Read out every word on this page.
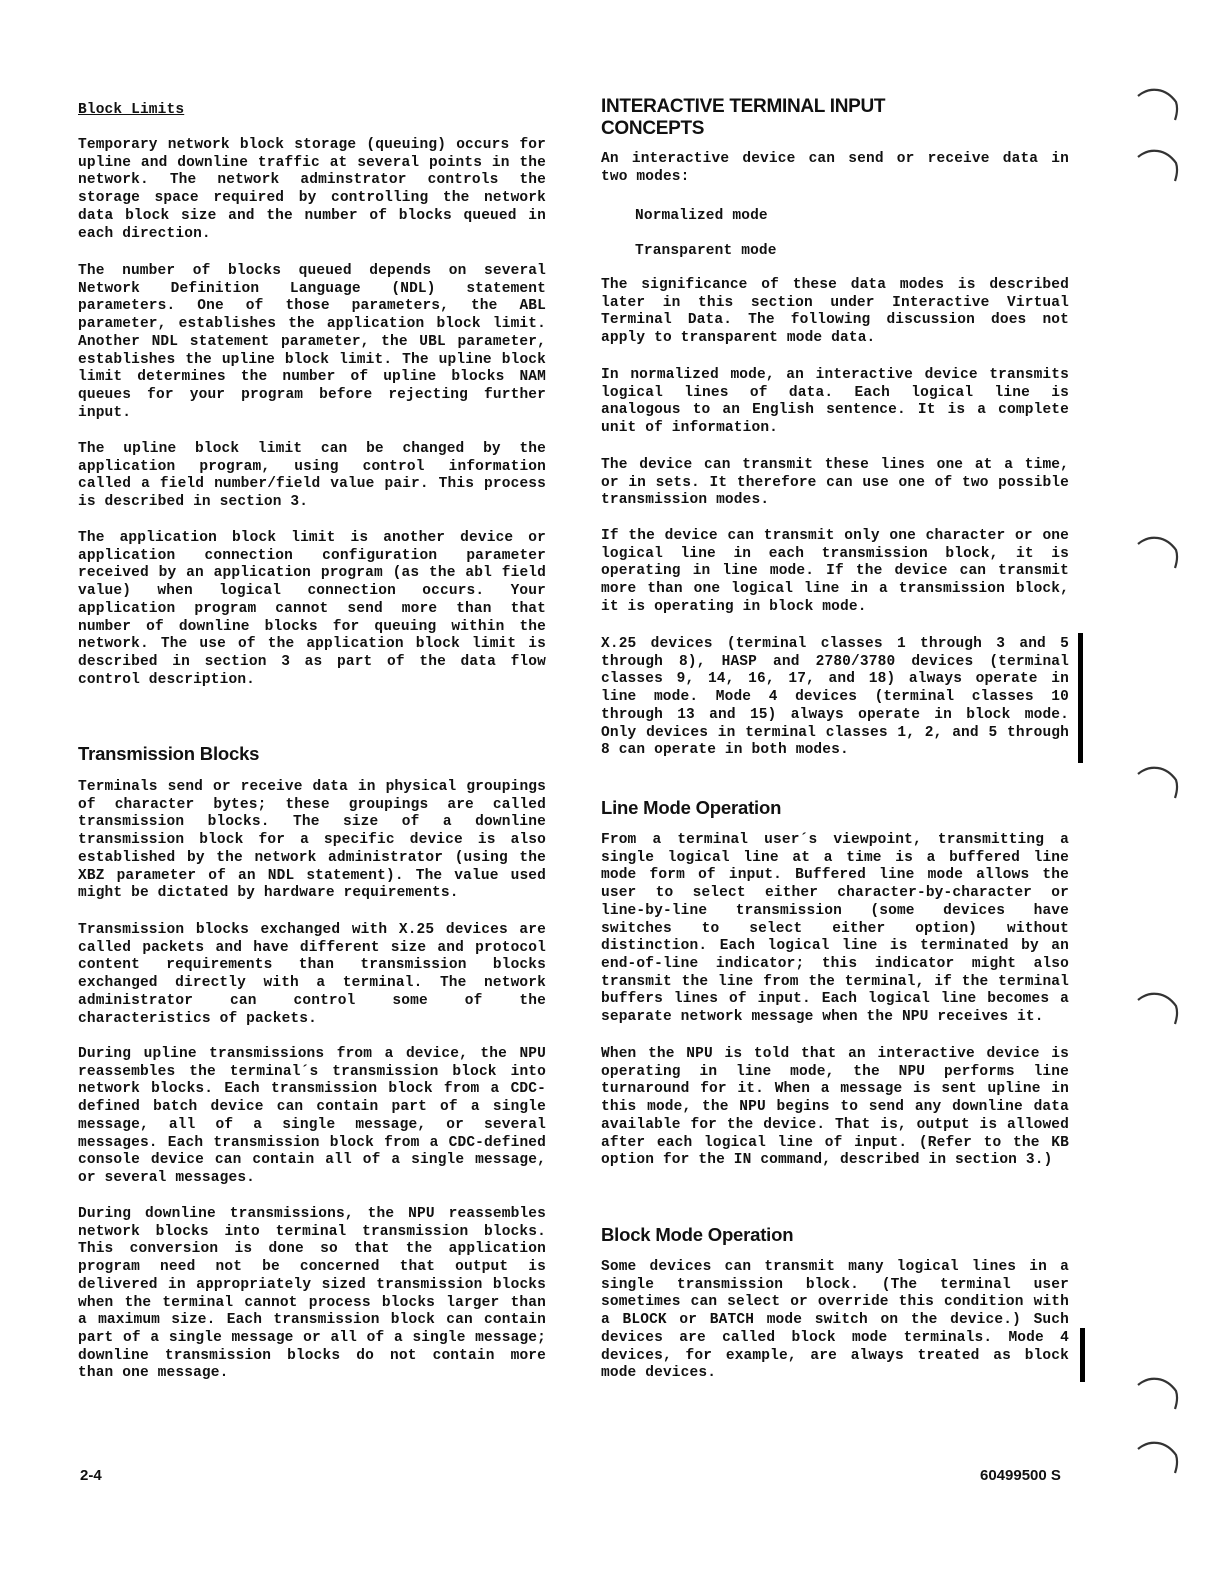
Block Limits

Temporary network block storage (queuing) occurs for upline and downline traffic at several points in the network. The network adminstrator controls the storage space required by controlling the network data block size and the number of blocks queued in each direction.

The number of blocks queued depends on several Network Definition Language (NDL) statement parameters. One of those parameters, the ABL parameter, establishes the application block limit. Another NDL statement parameter, the UBL parameter, establishes the upline block limit. The upline block limit determines the number of upline blocks NAM queues for your program before rejecting further input.

The upline block limit can be changed by the application program, using control information called a field number/field value pair. This process is described in section 3.

The application block limit is another device or application connection configuration parameter received by an application program (as the abl field value) when logical connection occurs. Your application program cannot send more than that number of downline blocks for queuing within the network. The use of the application block limit is described in section 3 as part of the data flow control description.

Transmission Blocks

Terminals send or receive data in physical groupings of character bytes; these groupings are called transmission blocks. The size of a downline transmission block for a specific device is also established by the network administrator (using the XBZ parameter of an NDL statement). The value used might be dictated by hardware requirements.

Transmission blocks exchanged with X.25 devices are called packets and have different size and protocol content requirements than transmission blocks exchanged directly with a terminal. The network administrator can control some of the characteristics of packets.

During upline transmissions from a device, the NPU reassembles the terminal´s transmission block into network blocks. Each transmission block from a CDC-defined batch device can contain part of a single message, all of a single message, or several messages. Each transmission block from a CDC-defined console device can contain all of a single message, or several messages.

During downline transmissions, the NPU reassembles network blocks into terminal transmission blocks. This conversion is done so that the application program need not be concerned that output is delivered in appropriately sized transmission blocks when the terminal cannot process blocks larger than a maximum size. Each transmission block can contain part of a single message or all of a single message; downline transmission blocks do not contain more than one message.

INTERACTIVE TERMINAL INPUT
CONCEPTS

An interactive device can send or receive data in two modes:

Normalized mode

Transparent mode

The significance of these data modes is described later in this section under Interactive Virtual Terminal Data. The following discussion does not apply to transparent mode data.

In normalized mode, an interactive device transmits logical lines of data. Each logical line is analogous to an English sentence. It is a complete unit of information.

The device can transmit these lines one at a time, or in sets. It therefore can use one of two possible transmission modes.

If the device can transmit only one character or one logical line in each transmission block, it is operating in line mode. If the device can transmit more than one logical line in a transmission block, it is operating in block mode.

X.25 devices (terminal classes 1 through 3 and 5 through 8), HASP and 2780/3780 devices (terminal classes 9, 14, 16, 17, and 18) always operate in line mode. Mode 4 devices (terminal classes 10 through 13 and 15) always operate in block mode. Only devices in terminal classes 1, 2, and 5 through 8 can operate in both modes.

Line Mode Operation

From a terminal user´s viewpoint, transmitting a single logical line at a time is a buffered line mode form of input. Buffered line mode allows the user to select either character-by-character or line-by-line transmission (some devices have switches to select either option) without distinction. Each logical line is terminated by an end-of-line indicator; this indicator might also transmit the line from the terminal, if the terminal buffers lines of input. Each logical line becomes a separate network message when the NPU receives it.

When the NPU is told that an interactive device is operating in line mode, the NPU performs line turnaround for it. When a message is sent upline in this mode, the NPU begins to send any downline data available for the device. That is, output is allowed after each logical line of input. (Refer to the KB option for the IN command, described in section 3.)

Block Mode Operation

Some devices can transmit many logical lines in a single transmission block. (The terminal user sometimes can select or override this condition with a BLOCK or BATCH mode switch on the device.) Such devices are called block mode terminals. Mode 4 devices, for example, are always treated as block mode devices.

2-4	60499500 S
